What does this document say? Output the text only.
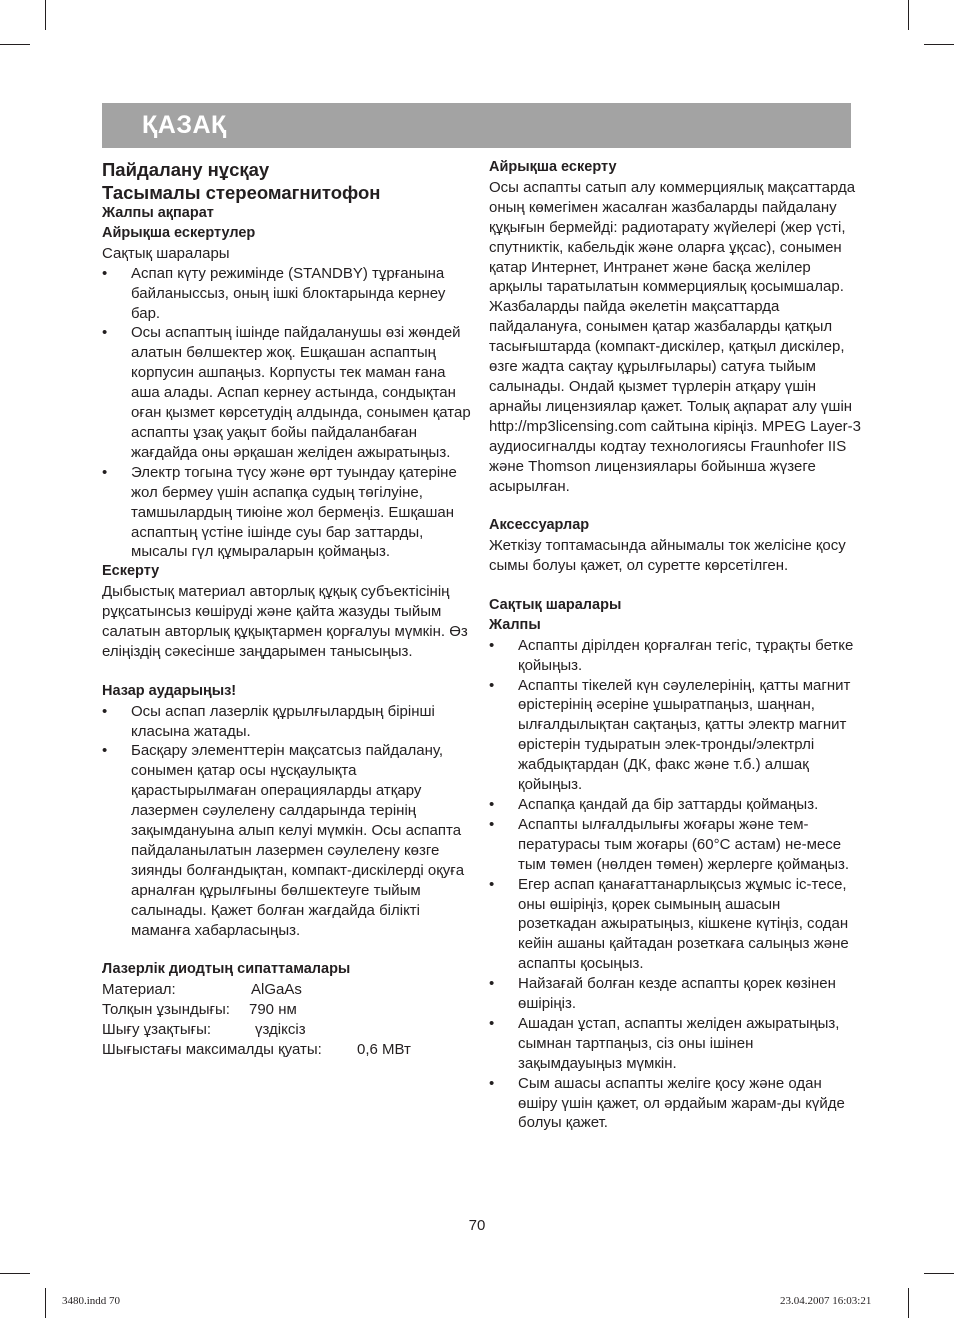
ҚАЗАҚ
Пайдалану нұсқау
Тасымалы стереомагнитофон
Жалпы ақпарат
Айрықша ескертулер

Сақтық шаралары

• Аспап күту режимінде (STANDBY) тұрғанына байланыссыз, оның ішкі блоктарында кернеу бар.
• Осы аспаптың ішінде пайдаланушы өзі жөндей алатын бөлшектер жоқ. Ешқашан аспаптың корпусин ашпаңыз. Корпусты тек маман ғана аша алады. Аспап кернеу астында, сондықтан оған қызмет көрсетудің алдында, сонымен қатар аспапты ұзақ уақыт бойы пайдаланбаған жағдайда оны әрқашан желіден ажыратыңыз.
• Электр тогына түсу және өрт туындау қатеріне жол бермеу үшін аспапқа судың төгілуіне, тамшылардың тиюіне жол бермеңіз. Ешқашан аспаптың үстіне ішінде суы бар заттарды, мысалы гүл құмыраларын қоймаңыз.
Ескерту

Дыбыстық материал авторлық құқық субъектісінің рұқсатынсыз көшіруді және қайта жазуды тыйым салатын авторлық құқықтармен қорғалуы мүмкін. Өз еліңіздің сәкесінше заңдарымен танысыңыз.

Назар аударыңыз!
• Осы аспап лазерлік құрылғылардың бірінші класына жатады.
• Басқару элементтерін мақсатсыз пайдалану, сонымен қатар осы нұсқаулықта қарастырылмаған операцияларды атқару лазермен сәулелену салдарында терінің зақымдануына алып келуі мүмкін. Осы аспапта пайдаланылатын лазермен сәулелену көзге зиянды болғандықтан, компакт-дискілерді оқуға арналған құрылғыны бөлшектеуге тыйым салынады. Қажет болған жағдайда білікті маманға хабарласыңыз.
Лазерлік диодтың сипаттамалары
Материал:	AlGaAs
Толқын ұзындығы:	790 нм
Шығу ұзақтығы:	үздіксіз
Шығыстағы максималды қуаты:	0,6 МВт
Айрықша ескерту

Осы аспапты сатып алу коммерциялық мақсаттарда оның көмегімен жасалған жазбаларды пайдалану құқығын бермейді: радиотарату жүйелері (жер үсті, спутниктік, кабельдік және оларға ұқсас), сонымен қатар Интернет, Интранет және басқа желілер арқылы таратылатын коммерциялық қосымшалар. Жазбаларды пайда әкелетін мақсаттарда пайдалануға, сонымен қатар жазбаларды қатқыл тасығыштарда (компакт-дискілер, қатқыл дискілер, өзге жадта сақтау құрылғылары) сатуға тыйым салынады. Ондай қызмет түрлерін атқару үшін арнайы лицензиялар қажет. Толық ақпарат алу үшін http://mp3licensing.com сайтына кіріңіз. MPEG Layer-3 аудиосигналды кодтау технологиясы Fraunhofer IIS және Thomson лицензиялары бойынша жүзеге асырылған.

Аксессуарлар

Жеткізу топтамасында айнымалы ток желісіне қосу сымы болуы қажет, ол суретте көрсетілген.

Сақтық шаралары
Жалпы
• Аспапты дірілден қорғалған тегіс, тұрақты бетке қойыңыз.
• Аспапты тікелей күн сәулелерінің, қатты магнит өрістерінің әсеріне ұшыратпаңыз, шаңнан, ылғалдылықтан сақтаңыз, қатты электр магнит өрістерін тудыратын элек-тронды/электрлі жабдықтардан (ДК, факс және т.б.) алшақ қойыңыз.
• Аспапқа қандай да бір заттарды қоймаңыз.
• Аспапты ылғалдылығы жоғары және тем-пературасы тым жоғары (60°С астам) не-месе тым төмен (нөлден төмен) жерлерге қоймаңыз.
• Егер аспап қанағаттанарлықсыз жұмыс іс-тесе, оны өшіріңіз, қорек сымының ашасын розеткадан ажыратыңыз, кішкене күтіңіз, содан кейін ашаны қайтадан розеткаға салыңыз және аспапты қосыңыз.
• Найзағай болған кезде аспапты қорек көзінен өшіріңіз.
• Ашадан ұстап, аспапты желіден ажыратыңыз, сымнан тартпаңыз, сіз оны ішінен зақымдауыңыз мүмкін.
• Сым ашасы аспапты желіге қосу және одан өшіру үшін қажет, ол әрдайым жарам-ды күйде болуы қажет.
70
3480.indd 70	23.04.2007 16:03:21
